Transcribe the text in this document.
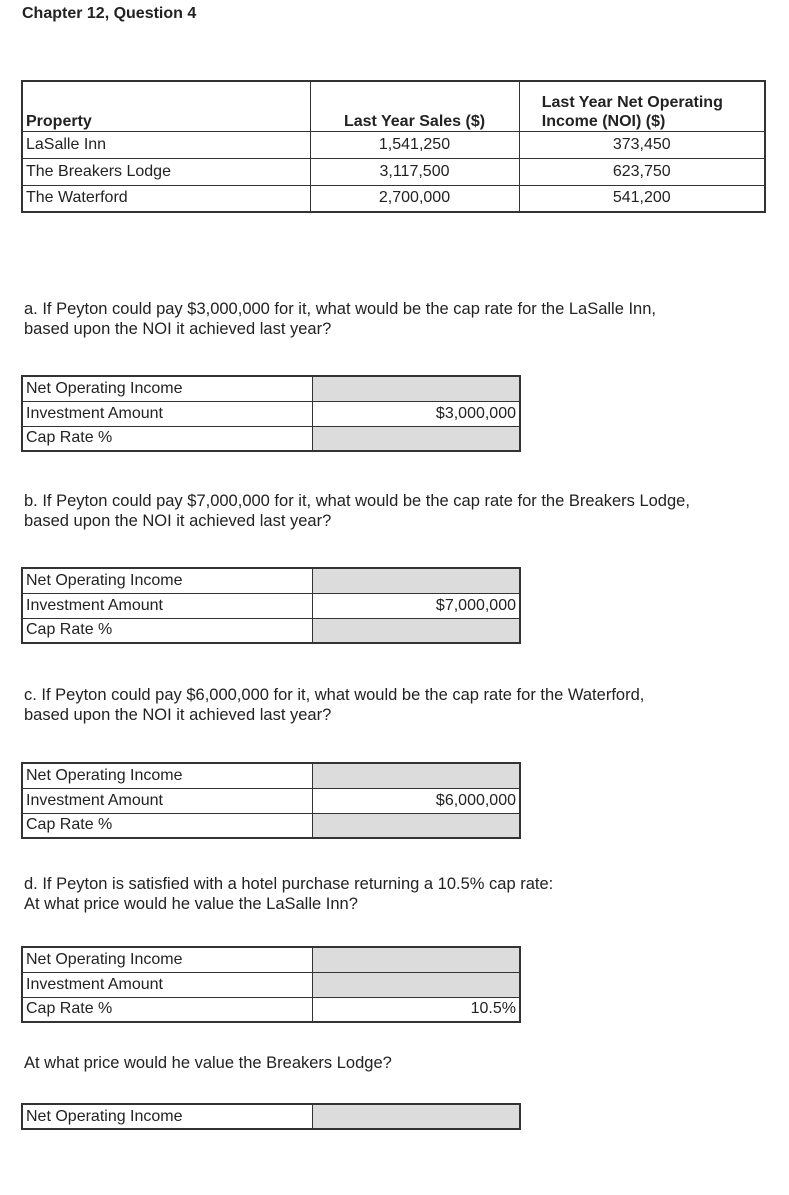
Chapter 12, Question 4
Property	Last Year Sales ($)	Last Year Net Operating Income (NOI) ($)
LaSalle Inn	1,541,250	373,450
The Breakers Lodge	3,117,500	623,750
The Waterford	2,700,000	541,200
a. If Peyton could pay $3,000,000 for it, what would be the cap rate for the LaSalle Inn,
based upon the NOI it achieved last year?
Net Operating Income	
Investment Amount	$3,000,000
Cap Rate %	
b. If Peyton could pay $7,000,000 for it, what would be the cap rate for the Breakers Lodge,
based upon the NOI it achieved last year?
Net Operating Income	
Investment Amount	$7,000,000
Cap Rate %	
c. If Peyton could pay $6,000,000 for it, what would be the cap rate for the Waterford,
based upon the NOI it achieved last year?
Net Operating Income	
Investment Amount	$6,000,000
Cap Rate %	
d. If Peyton is satisfied with a hotel purchase returning a 10.5% cap rate:
At what price would he value the LaSalle Inn?
Net Operating Income	
Investment Amount	
Cap Rate %	10.5%
At what price would he value the Breakers Lodge?
Net Operating Income	
